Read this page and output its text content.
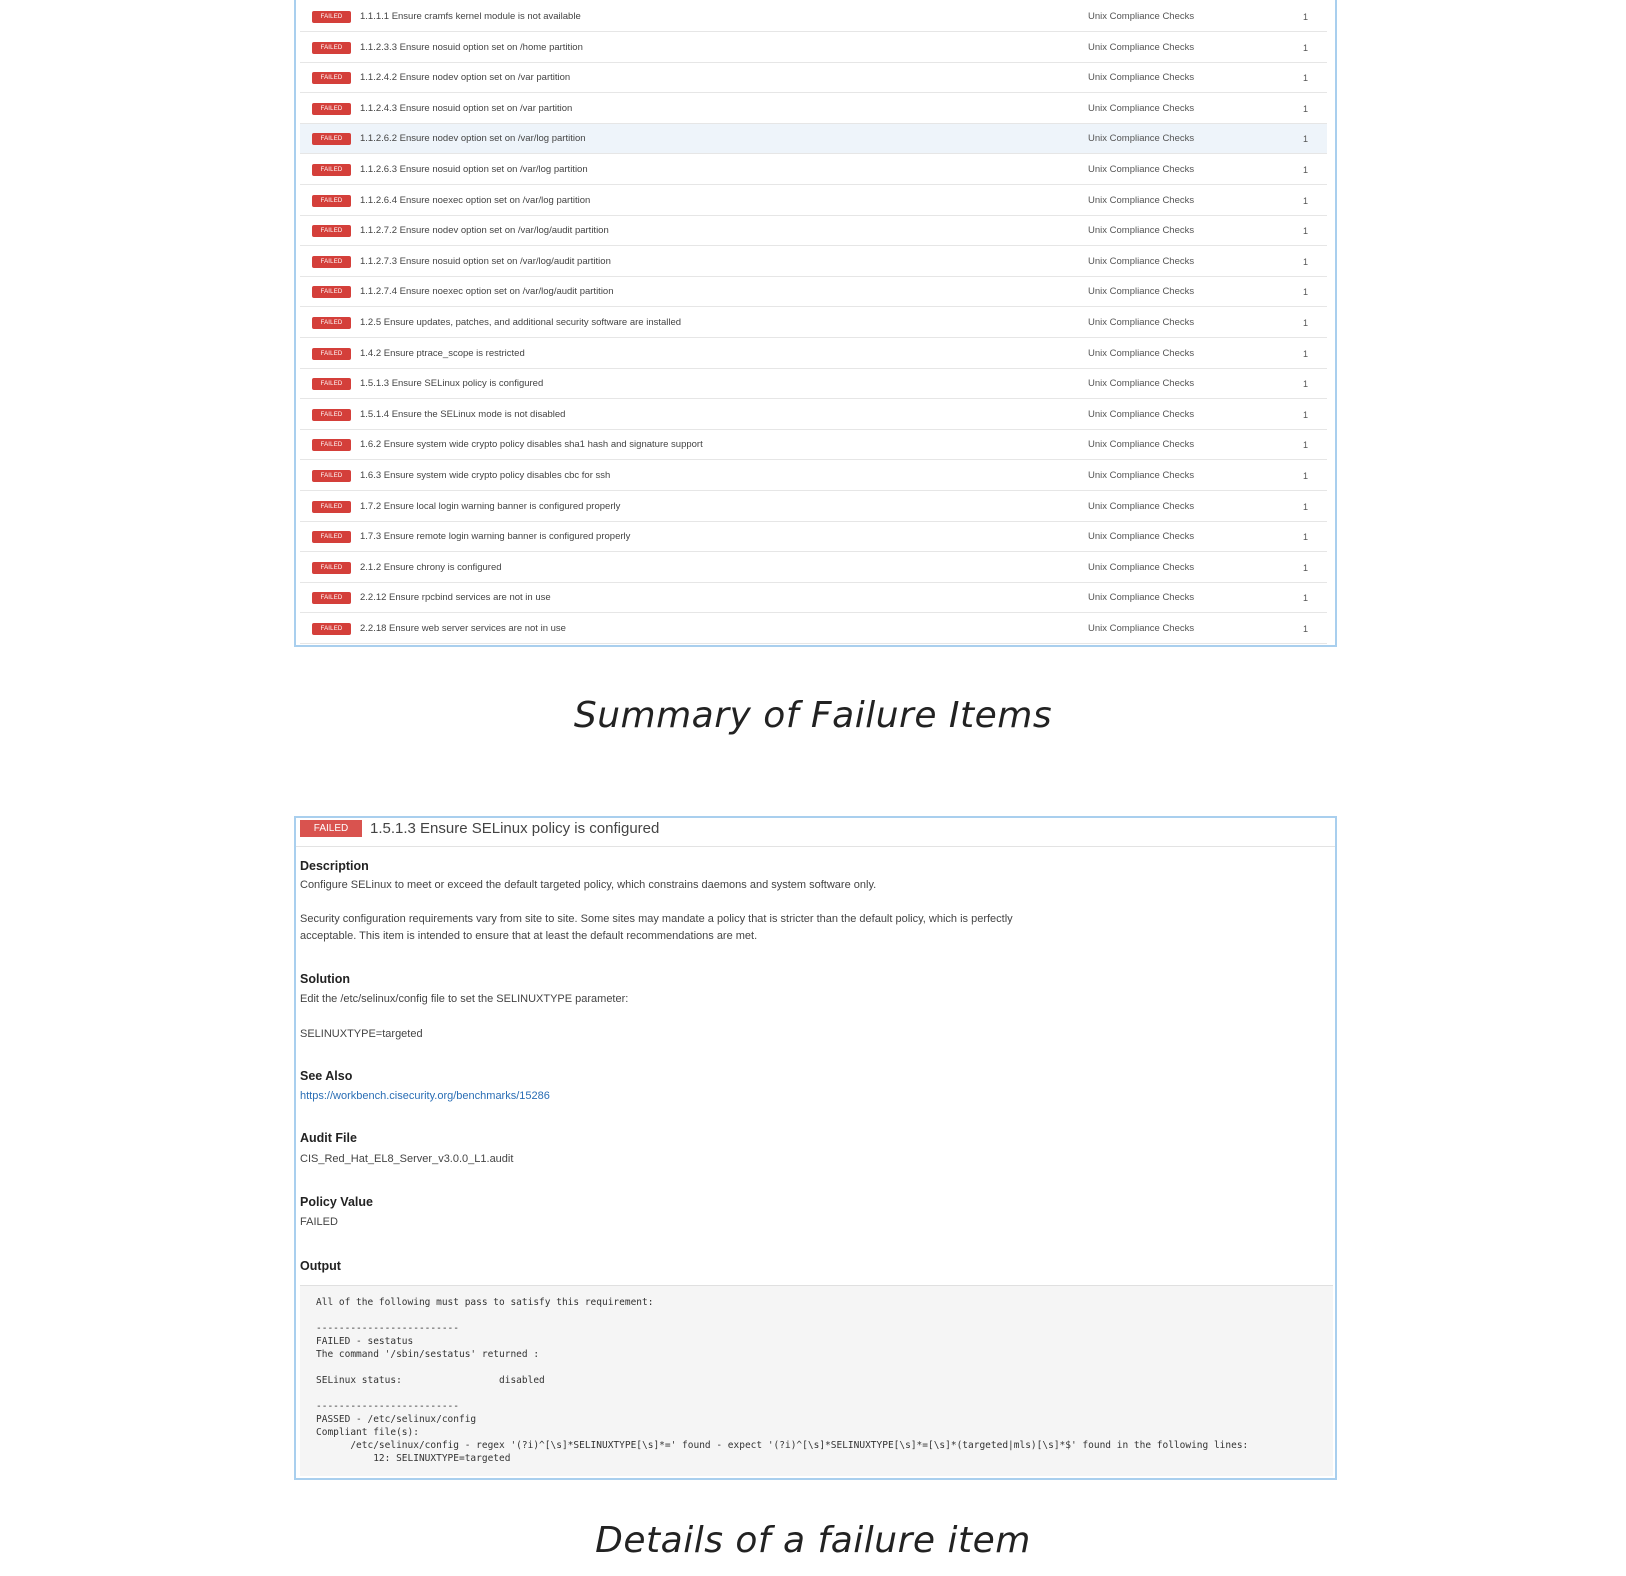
FAILED	1.1.1.1 Ensure cramfs kernel module is not available	Unix Compliance Checks	1
FAILED	1.1.2.3.3 Ensure nosuid option set on /home partition	Unix Compliance Checks	1
FAILED	1.1.2.4.2 Ensure nodev option set on /var partition	Unix Compliance Checks	1
FAILED	1.1.2.4.3 Ensure nosuid option set on /var partition	Unix Compliance Checks	1
FAILED	1.1.2.6.2 Ensure nodev option set on /var/log partition	Unix Compliance Checks	1
FAILED	1.1.2.6.3 Ensure nosuid option set on /var/log partition	Unix Compliance Checks	1
FAILED	1.1.2.6.4 Ensure noexec option set on /var/log partition	Unix Compliance Checks	1
FAILED	1.1.2.7.2 Ensure nodev option set on /var/log/audit partition	Unix Compliance Checks	1
FAILED	1.1.2.7.3 Ensure nosuid option set on /var/log/audit partition	Unix Compliance Checks	1
FAILED	1.1.2.7.4 Ensure noexec option set on /var/log/audit partition	Unix Compliance Checks	1
FAILED	1.2.5 Ensure updates, patches, and additional security software are installed	Unix Compliance Checks	1
FAILED	1.4.2 Ensure ptrace_scope is restricted	Unix Compliance Checks	1
FAILED	1.5.1.3 Ensure SELinux policy is configured	Unix Compliance Checks	1
FAILED	1.5.1.4 Ensure the SELinux mode is not disabled	Unix Compliance Checks	1
FAILED	1.6.2 Ensure system wide crypto policy disables sha1 hash and signature support	Unix Compliance Checks	1
FAILED	1.6.3 Ensure system wide crypto policy disables cbc for ssh	Unix Compliance Checks	1
FAILED	1.7.2 Ensure local login warning banner is configured properly	Unix Compliance Checks	1
FAILED	1.7.3 Ensure remote login warning banner is configured properly	Unix Compliance Checks	1
FAILED	2.1.2 Ensure chrony is configured	Unix Compliance Checks	1
FAILED	2.2.12 Ensure rpcbind services are not in use	Unix Compliance Checks	1
FAILED	2.2.18 Ensure web server services are not in use	Unix Compliance Checks	1
Summary of Failure Items
FAILED	1.5.1.3 Ensure SELinux policy is configured
Description
Configure SELinux to meet or exceed the default targeted policy, which constrains daemons and system software only.
Security configuration requirements vary from site to site. Some sites may mandate a policy that is stricter than the default policy, which is perfectly
acceptable. This item is intended to ensure that at least the default recommendations are met.
Solution
Edit the /etc/selinux/config file to set the SELINUXTYPE parameter:
SELINUXTYPE=targeted
See Also
https://workbench.cisecurity.org/benchmarks/15286
Audit File
CIS_Red_Hat_EL8_Server_v3.0.0_L1.audit
Policy Value
FAILED
Output
All of the following must pass to satisfy this requirement:

-------------------------
FAILED - sestatus
The command '/sbin/sestatus' returned :

SELinux status:                 disabled

-------------------------
PASSED - /etc/selinux/config
Compliant file(s):
/etc/selinux/config - regex '(?i)^[\s]*SELINUXTYPE[\s]*=' found - expect '(?i)^[\s]*SELINUXTYPE[\s]*=[\s]*(targeted|mls)[\s]*$' found in the following lines:
12: SELINUXTYPE=targeted
Details of a failure item
